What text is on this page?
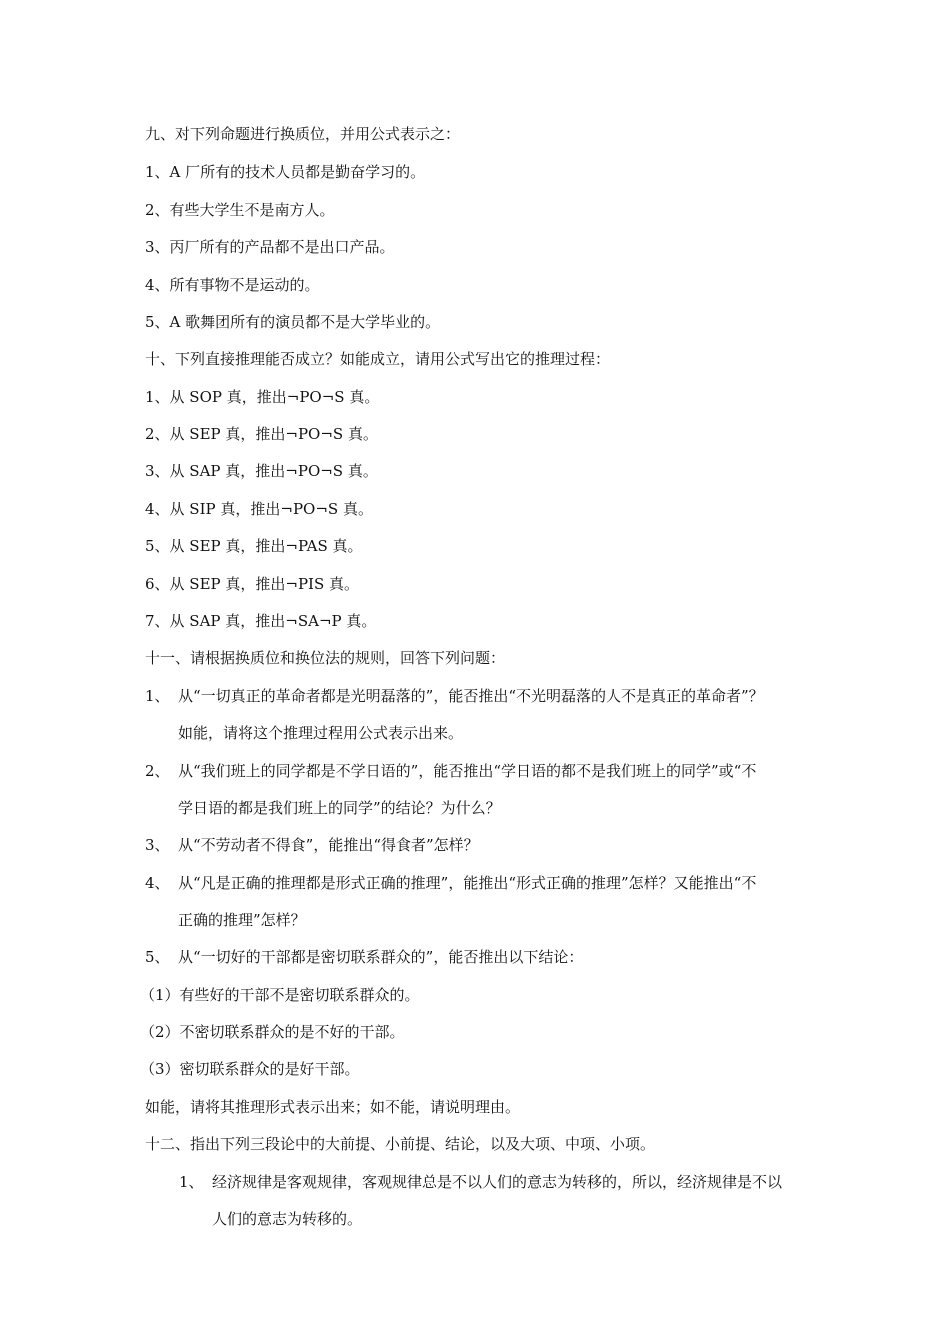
九、对下列命题进行换质位，并用公式表示之：
1、A 厂所有的技术人员都是勤奋学习的。
2、有些大学生不是南方人。
3、丙厂所有的产品都不是出口产品。
4、所有事物不是运动的。
5、A 歌舞团所有的演员都不是大学毕业的。
十、下列直接推理能否成立？如能成立，请用公式写出它的推理过程：
1、从 SOP 真，推出¬PO¬S 真。
2、从 SEP 真，推出¬PO¬S 真。
3、从 SAP 真，推出¬PO¬S 真。
4、从 SIP 真，推出¬PO¬S 真。
5、从 SEP 真，推出¬PAS 真。
6、从 SEP 真，推出¬PIS 真。
7、从 SAP 真，推出¬SA¬P 真。
十一、请根据换质位和换位法的规则，回答下列问题：
1、 从“一切真正的革命者都是光明磊落的”，能否推出“不光明磊落的人不是真正的革命者”？
如能，请将这个推理过程用公式表示出来。
2、 从“我们班上的同学都是不学日语的”，能否推出“学日语的都不是我们班上的同学”或“不
学日语的都是我们班上的同学”的结论？为什么？
3、 从“不劳动者不得食”，能推出“得食者”怎样？
4、 从“凡是正确的推理都是形式正确的推理”，能推出“形式正确的推理”怎样？又能推出“不
正确的推理”怎样？
5、 从“一切好的干部都是密切联系群众的”，能否推出以下结论：
（1）有些好的干部不是密切联系群众的。
（2）不密切联系群众的是不好的干部。
（3）密切联系群众的是好干部。
如能，请将其推理形式表示出来；如不能，请说明理由。
十二、指出下列三段论中的大前提、小前提、结论，以及大项、中项、小项。
1、 经济规律是客观规律，客观规律总是不以人们的意志为转移的，所以，经济规律是不以
人们的意志为转移的。
